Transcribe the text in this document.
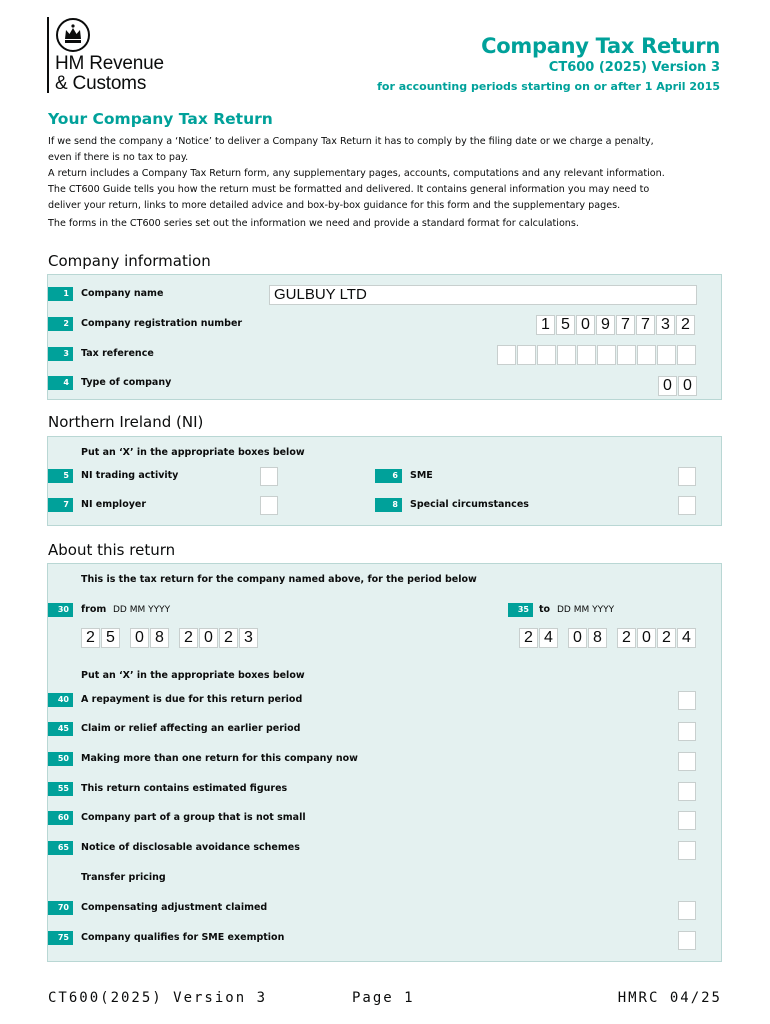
HM Revenue
& Customs
Company Tax Return
CT600 (2025) Version 3
for accounting periods starting on or after 1 April 2015
Your Company Tax Return

If we send the company a ‘Notice’ to deliver a Company Tax Return it has to comply by the filing date or we charge a penalty,

even if there is no tax to pay.

A return includes a Company Tax Return form, any supplementary pages, accounts, computations and any relevant information.

The CT600 Guide tells you how the return must be formatted and delivered. It contains general information you may need to

deliver your return, links to more detailed advice and box-by-box guidance for this form and the supplementary pages.

The forms in the CT600 series set out the information we need and provide a standard format for calculations.

Company information
1	Company name	GULBUY LTD
2	Company registration number	1 5 0 9 7 7 3 2
3	Tax reference
4	Type of company	0 0
Northern Ireland (NI)
Put an ‘X’ in the appropriate boxes below
5	NI trading activity	6	SME
7	NI employer	8	Special circumstances
About this return
This is the tax return for the company named above, for the period below
30	from DD MM YYYY
2 5	0 8	2 0 2 3
35	to DD MM YYYY
2 4	0 8	2 0 2 4
Put an ‘X’ in the appropriate boxes below
40	A repayment is due for this return period
45	Claim or relief affecting an earlier period
50	Making more than one return for this company now
55	This return contains estimated figures
60	Company part of a group that is not small
65	Notice of disclosable avoidance schemes
Transfer pricing
70	Compensating adjustment claimed
75	Company qualifies for SME exemption
CT600(2025) Version 3	Page 1	HMRC 04/25
